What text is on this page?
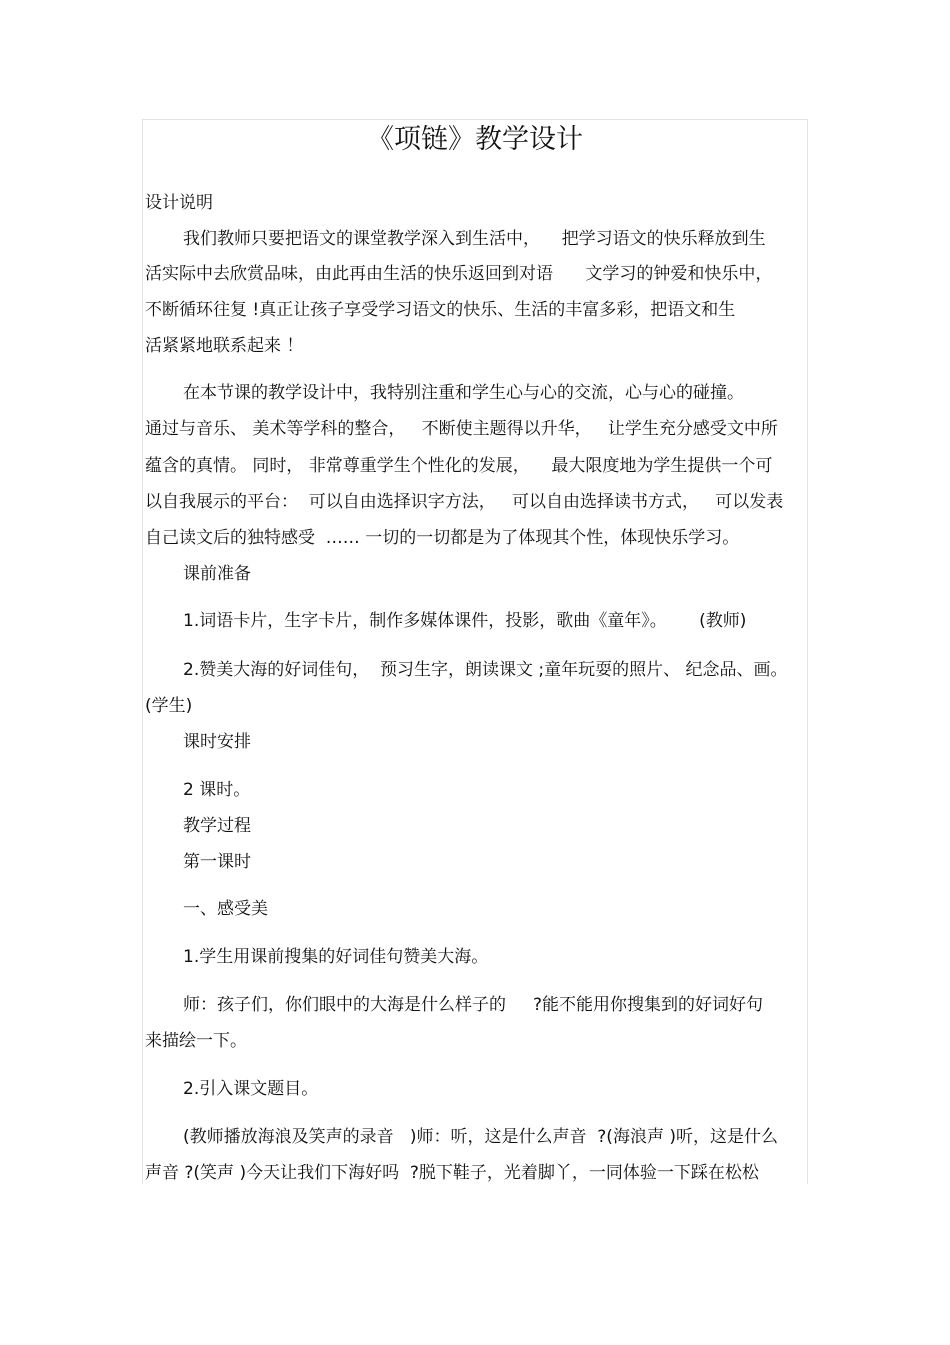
《项链》教学设计

设计说明

我们教师只要把语文的课堂教学深入到生活中，    把学习语文的快乐释放到生

活实际中去欣赏品味，由此再由生活的快乐返回到对语      文学习的钟爱和快乐中，

不断循环往复 !真正让孩子享受学习语文的快乐、生活的丰富多彩，把语文和生

活紧紧地联系起来 ！

在本节课的教学设计中，我特别注重和学生心与心的交流，心与心的碰撞。

通过与音乐、 美术等学科的整合，   不断使主题得以升华，   让学生充分感受文中所

蕴含的真情。 同时， 非常尊重学生个性化的发展，    最大限度地为学生提供一个可

以自我展示的平台：  可以自由选择识字方法，   可以自由选择读书方式，   可以发表

自己读文后的独特感受  …… 一切的一切都是为了体现其个性，体现快乐学习。

课前准备

1.词语卡片，生字卡片，制作多媒体课件，投影，歌曲《童年》。      (教师)

2.赞美大海的好词佳句，  预习生字，朗读课文 ;童年玩耍的照片、 纪念品、画。

(学生)

课时安排

2 课时。

教学过程

第一课时

一、感受美

1.学生用课前搜集的好词佳句赞美大海。

师：孩子们，你们眼中的大海是什么样子的     ?能不能用你搜集到的好词好句

来描绘一下。

2.引入课文题目。

(教师播放海浪及笑声的录音   )师：听，这是什么声音  ?(海浪声 )听，这是什么

声音 ?(笑声 )今天让我们下海好吗  ?脱下鞋子，光着脚丫，一同体验一下踩在松松
